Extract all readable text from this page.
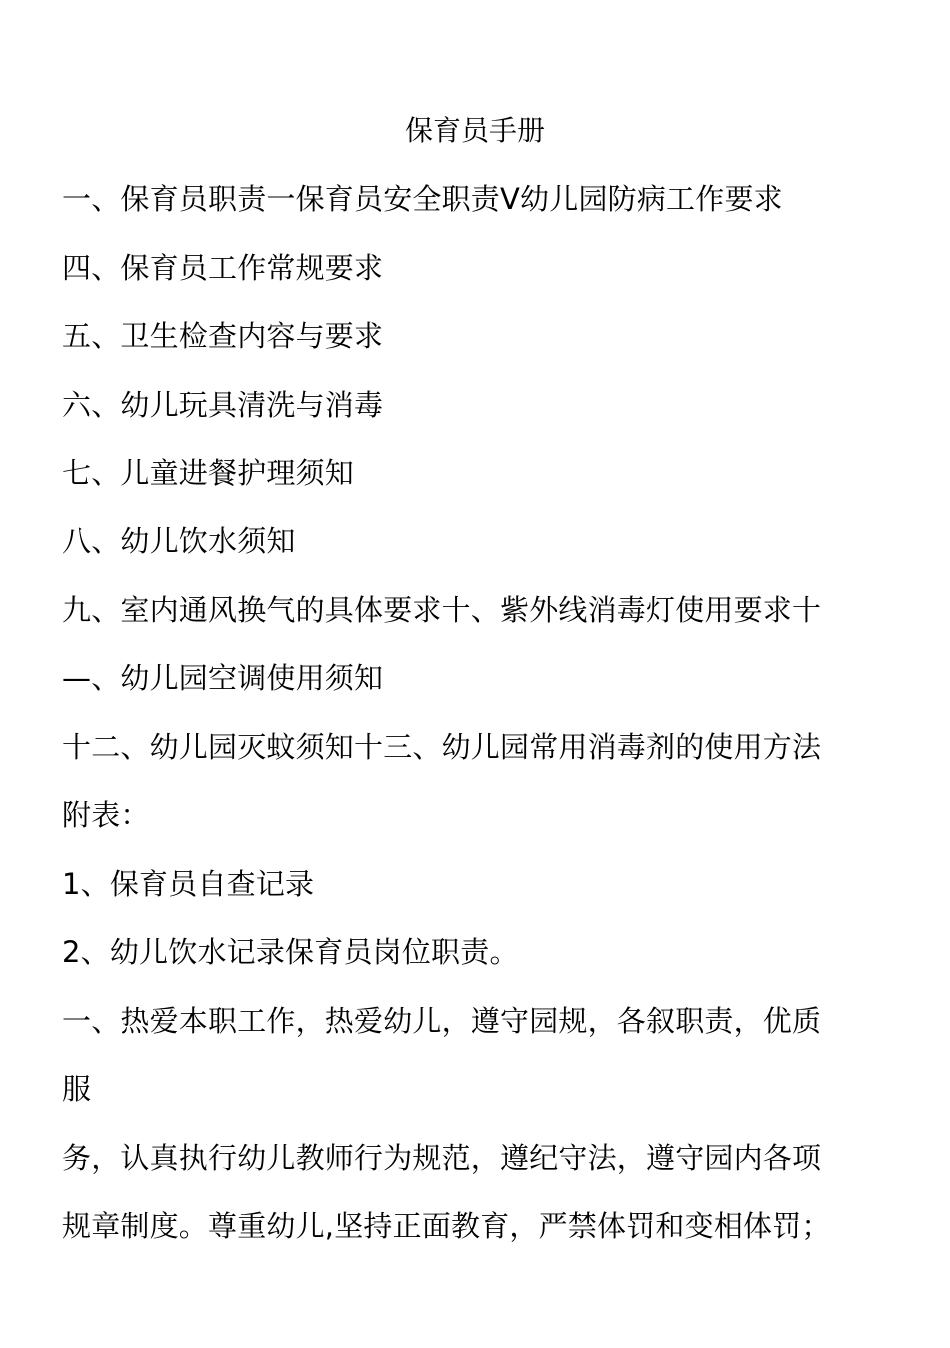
保育员手册
一、保育员职责一保育员安全职责Ⅴ幼儿园防病工作要求
四、保育员工作常规要求
五、卫生检查内容与要求
六、幼儿玩具清洗与消毒
七、儿童进餐护理须知
八、幼儿饮水须知
九、室内通风换气的具体要求十、紫外线消毒灯使用要求十
—、幼儿园空调使用须知
十二、幼儿园灭蚊须知十三、幼儿园常用消毒剂的使用方法
附表：
1、保育员自查记录
2、幼儿饮水记录保育员岗位职责。
一、热爱本职工作，热爱幼儿，遵守园规，各叙职责，优质
服
务，认真执行幼儿教师行为规范，遵纪守法，遵守园内各项
规章制度。尊重幼儿,坚持正面教育，严禁体罚和变相体罚；
